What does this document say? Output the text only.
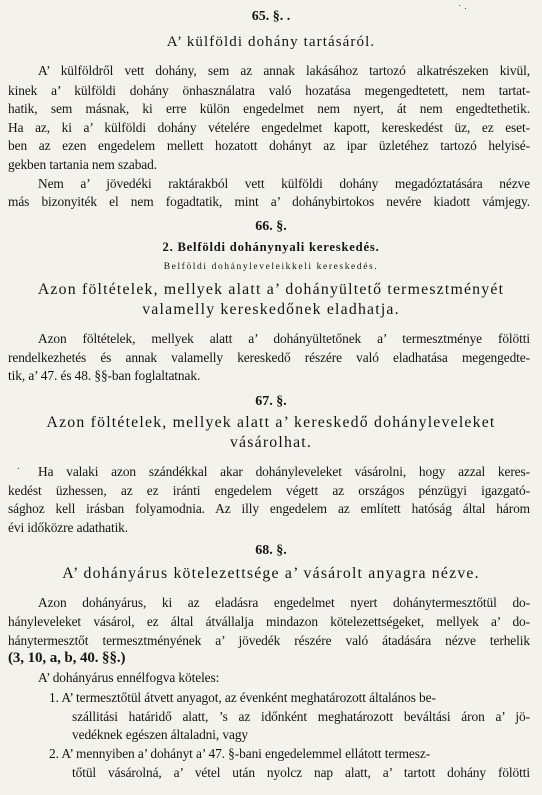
˙ ·
65. §. .
A’ külföldi dohány tartásáról.
A’ külföldről vett dohány, sem az annak lakásához tartozó alkatrészeken kivül,
kinek a’ külföldi dohány önhasználatra való hozatása megengedtetett, nem tartat-
hatik, sem másnak, ki erre külön engedelmet nem nyert, át nem engedtethetik.
Ha az, ki a’ külföldi dohány vételére engedelmet kapott, kereskedést üz, ez eset-
ben az ezen engedelem mellett hozatott dohányt az ipar üzletéhez tartozó helyisé-
gekben tartania nem szabad.
Nem a’ jövedéki raktárakból vett külföldi dohány megadóztatására nézve
más bizonyiték el nem fogadtatik, mint a’ dohánybirtokos nevére kiadott vámjegy.
66. §.
2. Belföldi dohánynyali kereskedés.
Belföldi dohányleveleikkeli kereskedés.
Azon föltételek, mellyek alatt a’ dohányültető termesztményét
valamelly kereskedőnek eladhatja.
Azon föltételek, mellyek alatt a’ dohányültetőnek a’ termesztménye fölötti
rendelkezhetés és annak valamelly kereskedő részére való eladhatása megengedte-
tik, a’ 47. és 48. §§-ban foglaltatnak.
67. §.
Azon föltételek, mellyek alatt a’ kereskedő dohányleveleket
vásárolhat.
. Ha valaki azon szándékkal akar dohányleveleket vásárolni, hogy azzal keres-
kedést üzhessen, az ez iránti engedelem végett az országos pénzügyi igazgató-
sághoz kell irásban folyamodnia. Az illy engedelem az említett hatóság által három
évi időközre adathatik.
68. §.
A’ dohányárus kötelezettsége a’ vásárolt anyagra nézve.
Azon dohányárus, ki az eladásra engedelmet nyert dohánytermesztőtül do-
hányleveleket vásárol, ez által átvállalja mindazon kötelezettségeket, mellyek a’ do-
hánytermesztőt termesztményének a’ jövedék részére való átadására nézve terhelik
(3, 10, a, b, 40. §§.)
A’ dohányárus ennélfogva köteles:
1. A’ termesztőtül átvett anyagot, az évenként meghatározott általános be-
szállitási határidő alatt, ’s az időnként meghatározott beváltási áron a’ jö-
vedéknek egészen általadni, vagy
2. A’ mennyiben a’ dohányt a’ 47. §-bani engedelemmel ellátott termesz-
tőtül vásárolná, a’ vétel után nyolcz nap alatt, a’ tartott dohány fölötti
